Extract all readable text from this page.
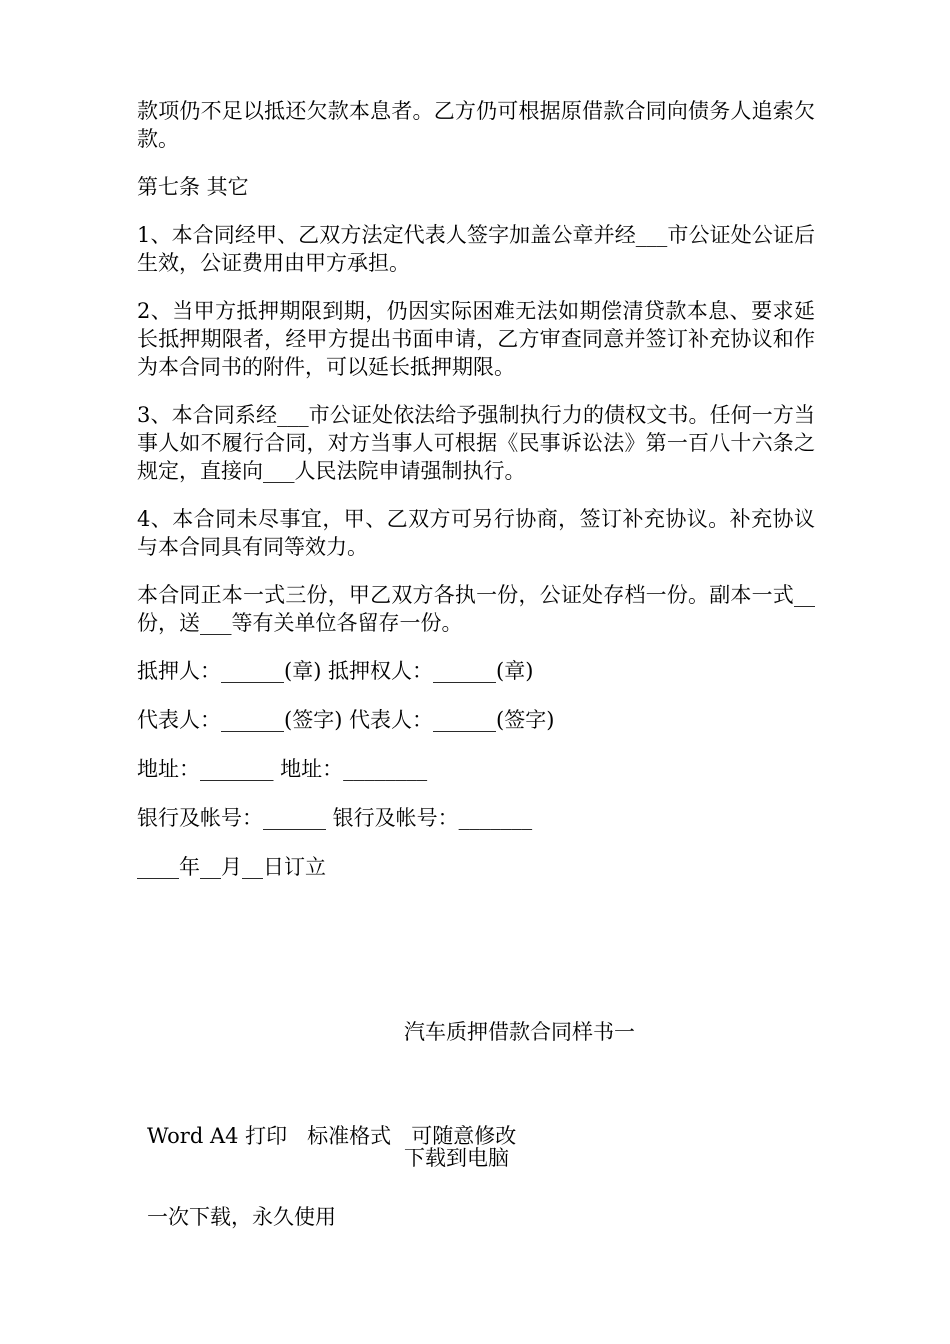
款项仍不足以抵还欠款本息者。乙方仍可根据原借款合同向债务人追索欠款。

第七条 其它

1、本合同经甲、乙双方法定代表人签字加盖公章并经___市公证处公证后生效，公证费用由甲方承担。

2、当甲方抵押期限到期，仍因实际困难无法如期偿清贷款本息、要求延长抵押期限者，经甲方提出书面申请，乙方审查同意并签订补充协议和作为本合同书的附件，可以延长抵押期限。

3、本合同系经___市公证处依法给予强制执行力的债权文书。任何一方当事人如不履行合同，对方当事人可根据《民事诉讼法》第一百八十六条之规定，直接向___人民法院申请强制执行。

4、本合同未尽事宜，甲、乙双方可另行协商，签订补充协议。补充协议与本合同具有同等效力。

本合同正本一式三份，甲乙双方各执一份，公证处存档一份。副本一式__份，送___等有关单位各留存一份。

抵押人：______(章) 抵押权人：______(章)
代表人：______(签字) 代表人：______(签字)
地址：_______ 地址：________
银行及帐号：______ 银行及帐号：_______
____年__月__日订立
汽车质押借款合同样书一

Word A4 打印   标准格式   可随意修改

一次下载，永久使用

下载到电脑
